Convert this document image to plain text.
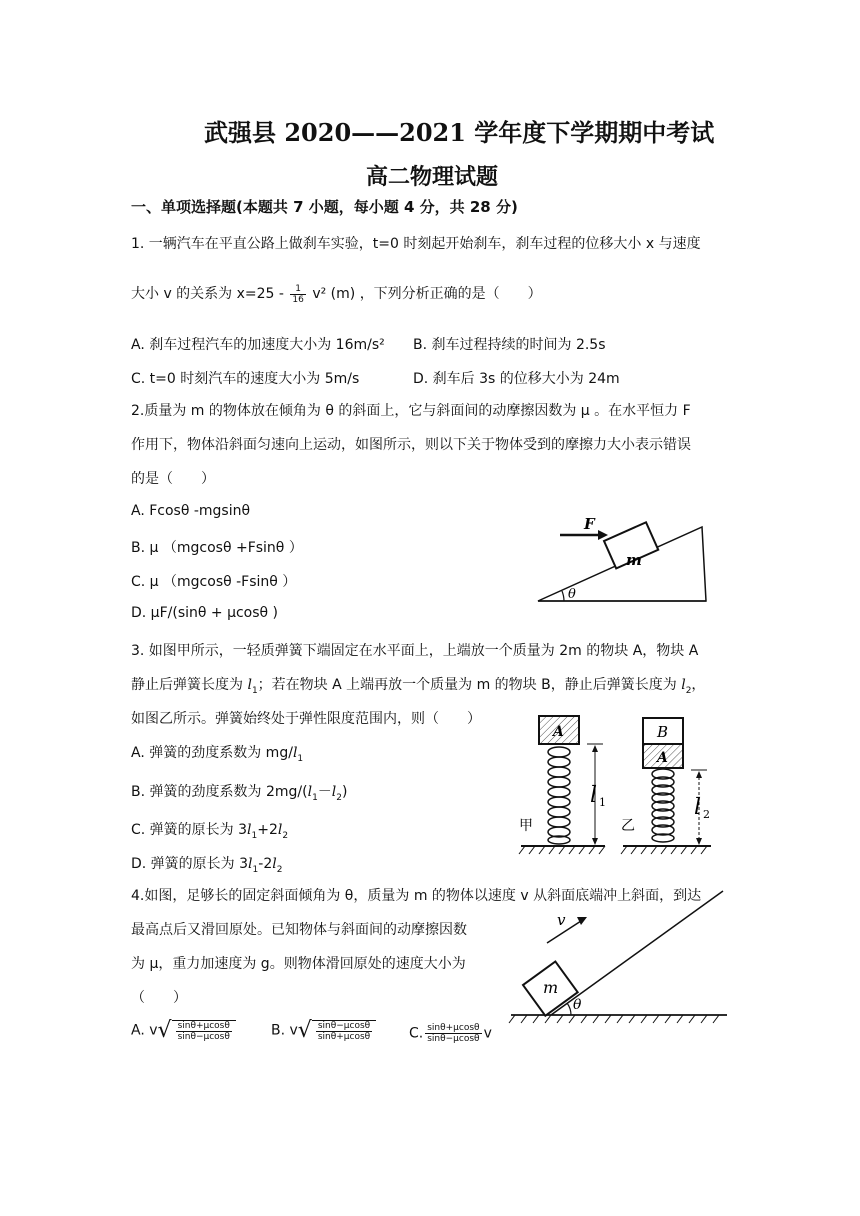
武强县 2020——2021 学年度下学期期中考试
高二物理试题
一、单项选择题(本题共 7 小题，每小题 4 分，共 28 分)
1. 一辆汽车在平直公路上做刹车实验，t=0 时刻起开始刹车，刹车过程的位移大小 x 与速度
大小 v 的关系为 $x=25 - \frac{1}{16} v^2$ (m) ，下列分析正确的是（　　）
A. 刹车过程汽车的加速度大小为 16m/s² B. 刹车过程持续的时间为 2.5s
C. t=0 时刻汽车的速度大小为 5m/s	D. 刹车后 3s 的位移大小为 24m
2.质量为 m 的物体放在倾角为 θ 的斜面上，它与斜面间的动摩擦因数为 μ 。在水平恒力 F
作用下，物体沿斜面匀速向上运动，如图所示，则以下关于物体受到的摩擦力大小表示错误
的是（　　）
A. Fcosθ -mgsinθ
B. μ （mgcosθ +Fsinθ ）
C. μ （mgcosθ -Fsinθ ）
D. μF/(sinθ + μcosθ )
m
F
θ
3. 如图甲所示，一轻质弹簧下端固定在水平面上，上端放一个质量为 2m 的物块 A，物块 A
静止后弹簧长度为 $l_1$；若在物块 A 上端再放一个质量为 m 的物块 B，静止后弹簧长度为 $l_2$，
如图乙所示。弹簧始终处于弹性限度范围内，则（　　）
A. 弹簧的劲度系数为 $mg/l_1$
B. 弹簧的劲度系数为 $2mg/(l_1-l_2)$
C. 弹簧的原长为 $3l_1+2l_2$
D. 弹簧的原长为 $3l_1-2l_2$
A
l 1
甲
B
A
l 2
乙
4.如图，足够长的固定斜面倾角为 θ，质量为 m 的物体以速度 v 从斜面底端冲上斜面，到达
最高点后又滑回原处。已知物体与斜面间的动摩擦因数
为 μ，重力加速度为 g。则物体滑回原处的速度大小为
（　　）
A. $v√ \frac{\sin\theta+\mu\cos\theta}{\sin\theta-\mu\cos\theta}$	B. $v√ \frac{\sin\theta-\mu\cos\theta}{\sin\theta+\mu\cos\theta}$	C. $\frac{\sin\theta+\mu\cos\theta}{\sin\theta-\mu\cos\theta}$ v
m
v
θ
